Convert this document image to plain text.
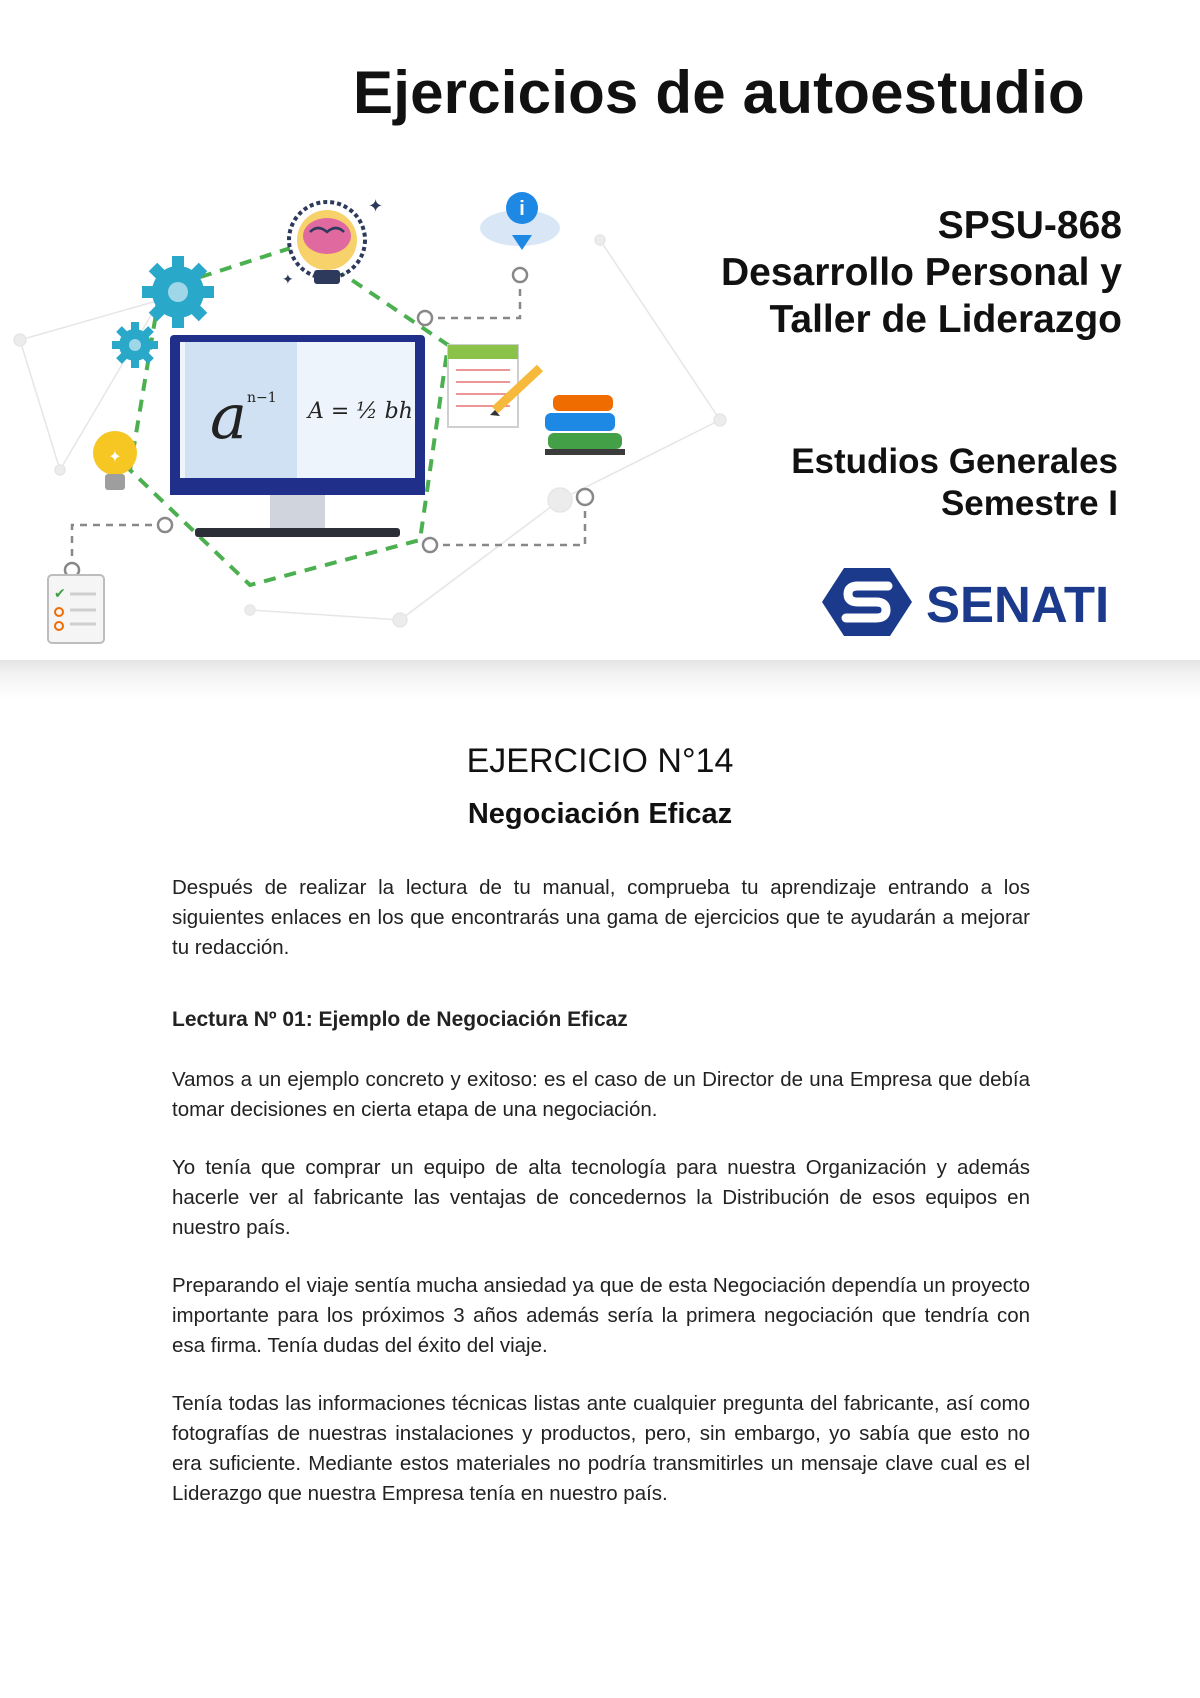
Ejercicios de autoestudio
✦
✦
i
a n−1
A = ½ bh
✦
✔
SPSU-868
Desarrollo Personal y
Taller de Liderazgo
Estudios Generales
Semestre I
SENATI
EJERCICIO N°14
Negociación Eficaz

Después de realizar la lectura de tu manual, comprueba tu aprendizaje entrando a los siguientes enlaces en los que encontrarás una gama de ejercicios que te ayudarán a mejorar tu redacción.

Lectura Nº 01: Ejemplo de Negociación Eficaz

Vamos a un ejemplo concreto y exitoso: es el caso de un Director de una Empresa que debía tomar decisiones en cierta etapa de una negociación.

Yo tenía que comprar un equipo de alta tecnología para nuestra Organización y además hacerle ver al fabricante las ventajas de concedernos la Distribución de esos equipos en nuestro país.

Preparando el viaje sentía mucha ansiedad ya que de esta Negociación dependía un proyecto importante para los próximos 3 años además sería la primera negociación que tendría con esa firma. Tenía dudas del éxito del viaje.

Tenía todas las informaciones técnicas listas ante cualquier pregunta del fabricante, así como fotografías de nuestras instalaciones y productos, pero, sin embargo, yo sabía que esto no era suficiente. Mediante estos materiales no podría transmitirles un mensaje clave cual es el Liderazgo que nuestra Empresa tenía en nuestro país.
